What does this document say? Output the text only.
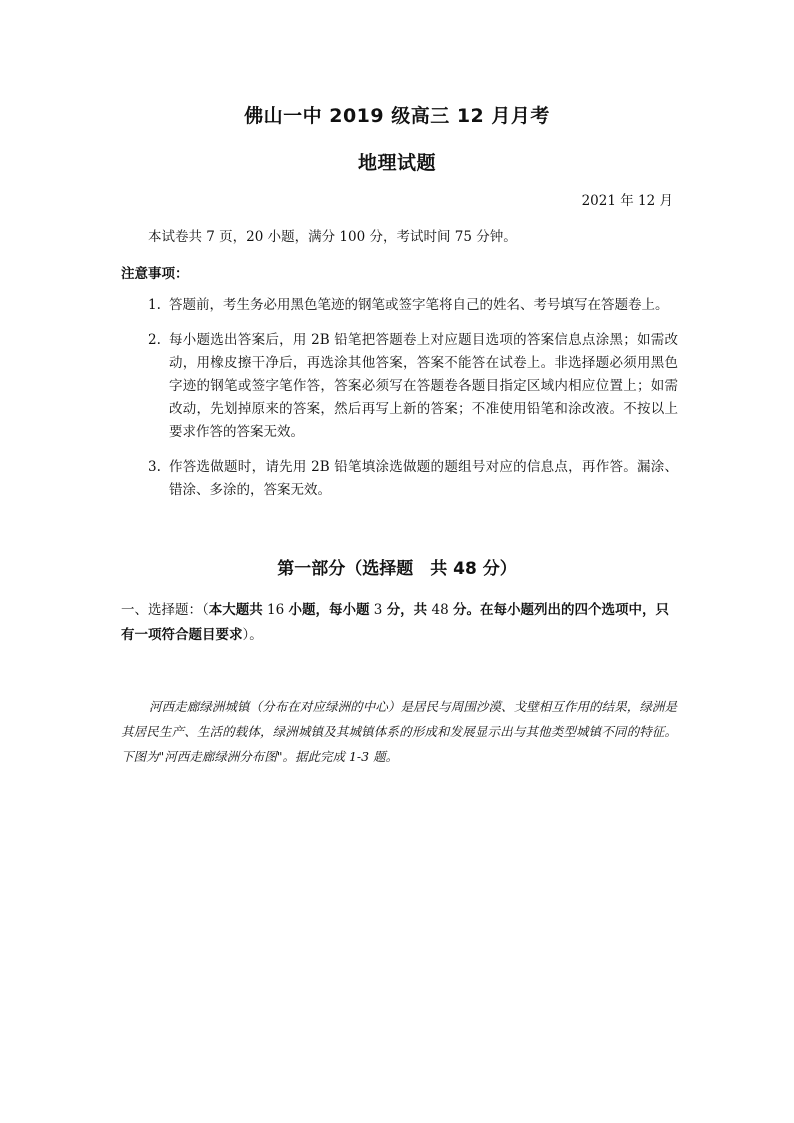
佛山一中 2019 级高三 12 月月考
地理试题
2021 年 12 月
本试卷共 7 页，20 小题，满分 100 分，考试时间 75 分钟。
注意事项：
1. 答题前，考生务必用黑色笔迹的钢笔或签字笔将自己的姓名、考号填写在答题卷上。
2. 每小题选出答案后，用 2B 铅笔把答题卷上对应题目选项的答案信息点涂黑；如需改动，用橡皮擦干净后，再选涂其他答案，答案不能答在试卷上。非选择题必须用黑色字迹的钢笔或签字笔作答，答案必须写在答题卷各题目指定区域内相应位置上；如需改动，先划掉原来的答案，然后再写上新的答案；不准使用铅笔和涂改液。不按以上要求作答的答案无效。
3. 作答选做题时，请先用 2B 铅笔填涂选做题的题组号对应的信息点，再作答。漏涂、错涂、多涂的，答案无效。
第一部分（选择题　共 48 分）

一、选择题：（本大题共 16 小题，每小题 3 分，共 48 分。在每小题列出的四个选项中，只有一项符合题目要求）。

河西走廊绿洲城镇（分布在对应绿洲的中心）是居民与周围沙漠、戈壁相互作用的结果，绿洲是其居民生产、生活的载体，绿洲城镇及其城镇体系的形成和发展显示出与其他类型城镇不同的特征。下图为"河西走廊绿洲分布图"。据此完成 1-3 题。
